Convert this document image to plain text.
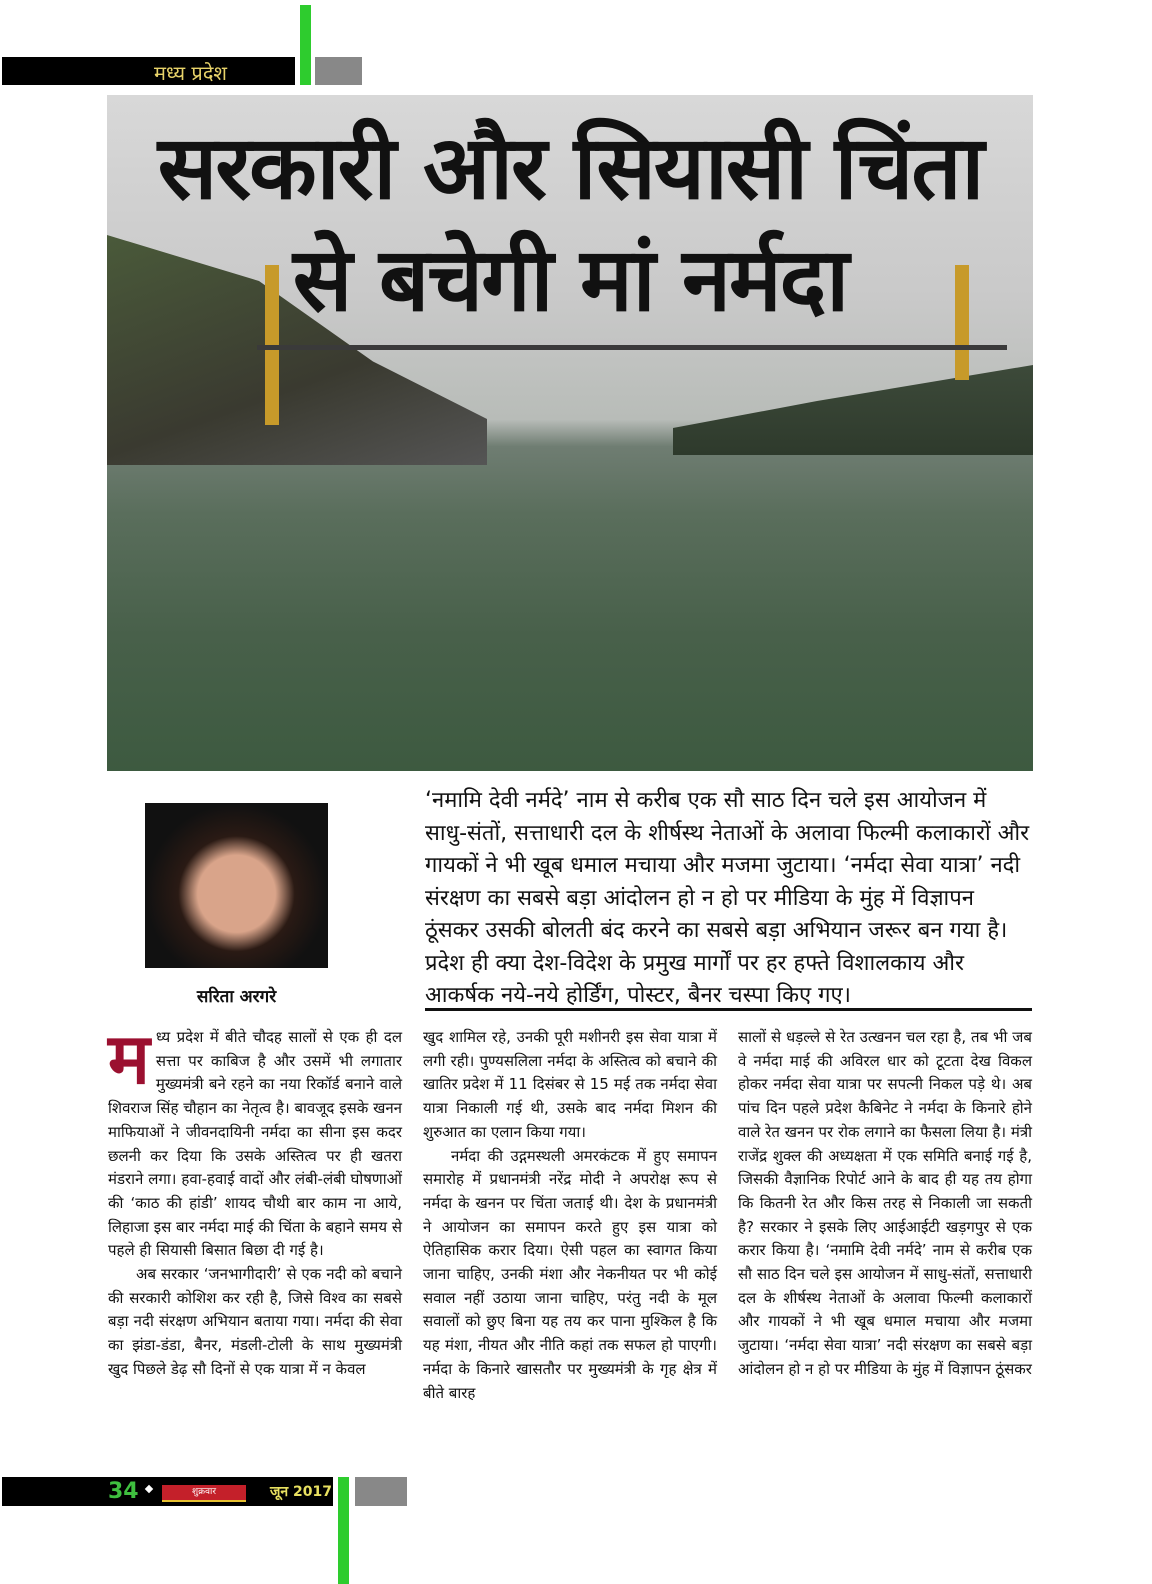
मध्य प्रदेश
सरकारी और सियासी चिंता
से बचेगी मां नर्मदा
सरिता अरगरे
‘नमामि देवी नर्मदे’ नाम से करीब एक सौ साठ दिन चले इस आयोजन में साधु-संतों, सत्ताधारी दल के शीर्षस्थ नेताओं के अलावा फिल्मी कलाकारों और गायकों ने भी खूब धमाल मचाया और मजमा जुटाया। ‘नर्मदा सेवा यात्रा’ नदी संरक्षण का सबसे बड़ा आंदोलन हो न हो पर मीडिया के मुंह में विज्ञापन ठूंसकर उसकी बोलती बंद करने का सबसे बड़ा अभियान जरूर बन गया है। प्रदेश ही क्या देश-विदेश के प्रमुख मार्गों पर हर हफ्ते विशालकाय और आकर्षक नये-नये होर्डिंग, पोस्टर, बैनर चस्पा किए गए।

मध्य प्रदेश में बीते चौदह सालों से एक ही दल सत्ता पर काबिज है और उसमें भी लगातार मुख्यमंत्री बने रहने का नया रिकॉर्ड बनाने वाले शिवराज सिंह चौहान का नेतृत्व है। बावजूद इसके खनन माफियाओं ने जीवनदायिनी नर्मदा का सीना इस कदर छलनी कर दिया कि उसके अस्तित्व पर ही खतरा मंडराने लगा। हवा-हवाई वादों और लंबी-लंबी घोषणाओं की ‘काठ की हांडी’ शायद चौथी बार काम ना आये, लिहाजा इस बार नर्मदा माई की चिंता के बहाने समय से पहले ही सियासी बिसात बिछा दी गई है।

अब सरकार ‘जनभागीदारी’ से एक नदी को बचाने की सरकारी कोशिश कर रही है, जिसे विश्व का सबसे बड़ा नदी संरक्षण अभियान बताया गया। नर्मदा की सेवा का झंडा-डंडा, बैनर, मंडली-टोली के साथ मुख्यमंत्री खुद पिछले डेढ़ सौ दिनों से एक यात्रा में न केवल

खुद शामिल रहे, उनकी पूरी मशीनरी इस सेवा यात्रा में लगी रही। पुण्यसलिला नर्मदा के अस्तित्व को बचाने की खातिर प्रदेश में 11 दिसंबर से 15 मई तक नर्मदा सेवा यात्रा निकाली गई थी, उसके बाद नर्मदा मिशन की शुरुआत का एलान किया गया।

नर्मदा की उद्गमस्थली अमरकंटक में हुए समापन समारोह में प्रधानमंत्री नरेंद्र मोदी ने अपरोक्ष रूप से नर्मदा के खनन पर चिंता जताई थी। देश के प्रधानमंत्री ने आयोजन का समापन करते हुए इस यात्रा को ऐतिहासिक करार दिया। ऐसी पहल का स्वागत किया जाना चाहिए, उनकी मंशा और नेकनीयत पर भी कोई सवाल नहीं उठाया जाना चाहिए, परंतु नदी के मूल सवालों को छुए बिना यह तय कर पाना मुश्किल है कि यह मंशा, नीयत और नीति कहां तक सफल हो पाएगी। नर्मदा के किनारे खासतौर पर मुख्यमंत्री के गृह क्षेत्र में बीते बारह

सालों से धड़ल्ले से रेत उत्खनन चल रहा है, तब भी जब वे नर्मदा माई की अविरल धार को टूटता देख विकल होकर नर्मदा सेवा यात्रा पर सपत्नी निकल पड़े थे। अब पांच दिन पहले प्रदेश कैबिनेट ने नर्मदा के किनारे होने वाले रेत खनन पर रोक लगाने का फैसला लिया है। मंत्री राजेंद्र शुक्ल की अध्यक्षता में एक समिति बनाई गई है, जिसकी वैज्ञानिक रिपोर्ट आने के बाद ही यह तय होगा कि कितनी रेत और किस तरह से निकाली जा सकती है? सरकार ने इसके लिए आईआईटी खड़गपुर से एक करार किया है। ‘नमामि देवी नर्मदे’ नाम से करीब एक सौ साठ दिन चले इस आयोजन में साधु-संतों, सत्ताधारी दल के शीर्षस्थ नेताओं के अलावा फिल्मी कलाकारों और गायकों ने भी खूब धमाल मचाया और मजमा जुटाया। ‘नर्मदा सेवा यात्रा’ नदी संरक्षण का सबसे बड़ा आंदोलन हो न हो पर मीडिया के मुंह में विज्ञापन ठूंसकर

34	शुक्रवार	जून 2017
